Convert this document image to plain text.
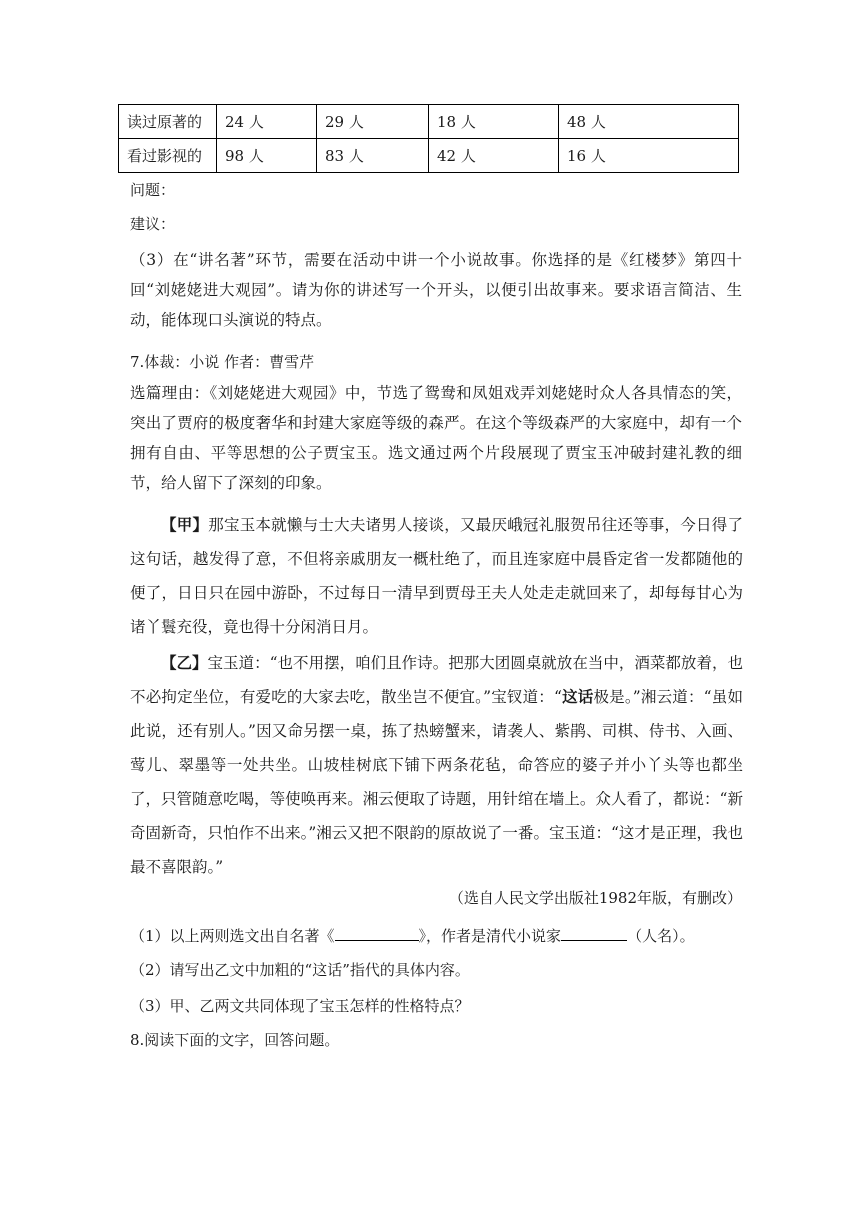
读过原著的	24 人	29 人	18 人	48 人
看过影视的	98 人	83 人	42 人	16 人
问题：
建议：
（3）在“讲名著”环节，需要在活动中讲一个小说故事。你选择的是《红楼梦》第四十回“刘姥姥进大观园”。请为你的讲述写一个开头，以便引出故事来。要求语言简洁、生动，能体现口头演说的特点。
7.体裁：小说 作者：曹雪芹
选篇理由：《刘姥姥进大观园》中，节选了鸳鸯和凤姐戏弄刘姥姥时众人各具情态的笑，突出了贾府的极度奢华和封建大家庭等级的森严。在这个等级森严的大家庭中，却有一个拥有自由、平等思想的公子贾宝玉。选文通过两个片段展现了贾宝玉冲破封建礼教的细节，给人留下了深刻的印象。
【甲】那宝玉本就懒与士大夫诸男人接谈，又最厌峨冠礼服贺吊往还等事，今日得了这句话，越发得了意，不但将亲戚朋友一概杜绝了，而且连家庭中晨昏定省一发都随他的便了，日日只在园中游卧，不过每日一清早到贾母王夫人处走走就回来了，却每每甘心为诸丫鬟充役，竟也得十分闲消日月。
【乙】宝玉道：“也不用摆，咱们且作诗。把那大团圆桌就放在当中，酒菜都放着，也不必拘定坐位，有爱吃的大家去吃，散坐岂不便宜。”宝钗道：“这话极是。”湘云道：“虽如此说，还有别人。”因又命另摆一桌，拣了热螃蟹来，请袭人、紫鹃、司棋、侍书、入画、莺儿、翠墨等一处共坐。山坡桂树底下铺下两条花毡，命答应的婆子并小丫头等也都坐了，只管随意吃喝，等使唤再来。湘云便取了诗题，用针绾在墙上。众人看了，都说：“新奇固新奇，只怕作不出来。”湘云又把不限韵的原故说了一番。宝玉道：“这才是正理，我也最不喜限韵。”
（选自人民文学出版社1982年版，有删改）
（1）以上两则选文出自名著《	》，作者是清代小说家	（人名）。
（2）请写出乙文中加粗的“这话”指代的具体内容。
（3）甲、乙两文共同体现了宝玉怎样的性格特点？
8.阅读下面的文字，回答问题。
